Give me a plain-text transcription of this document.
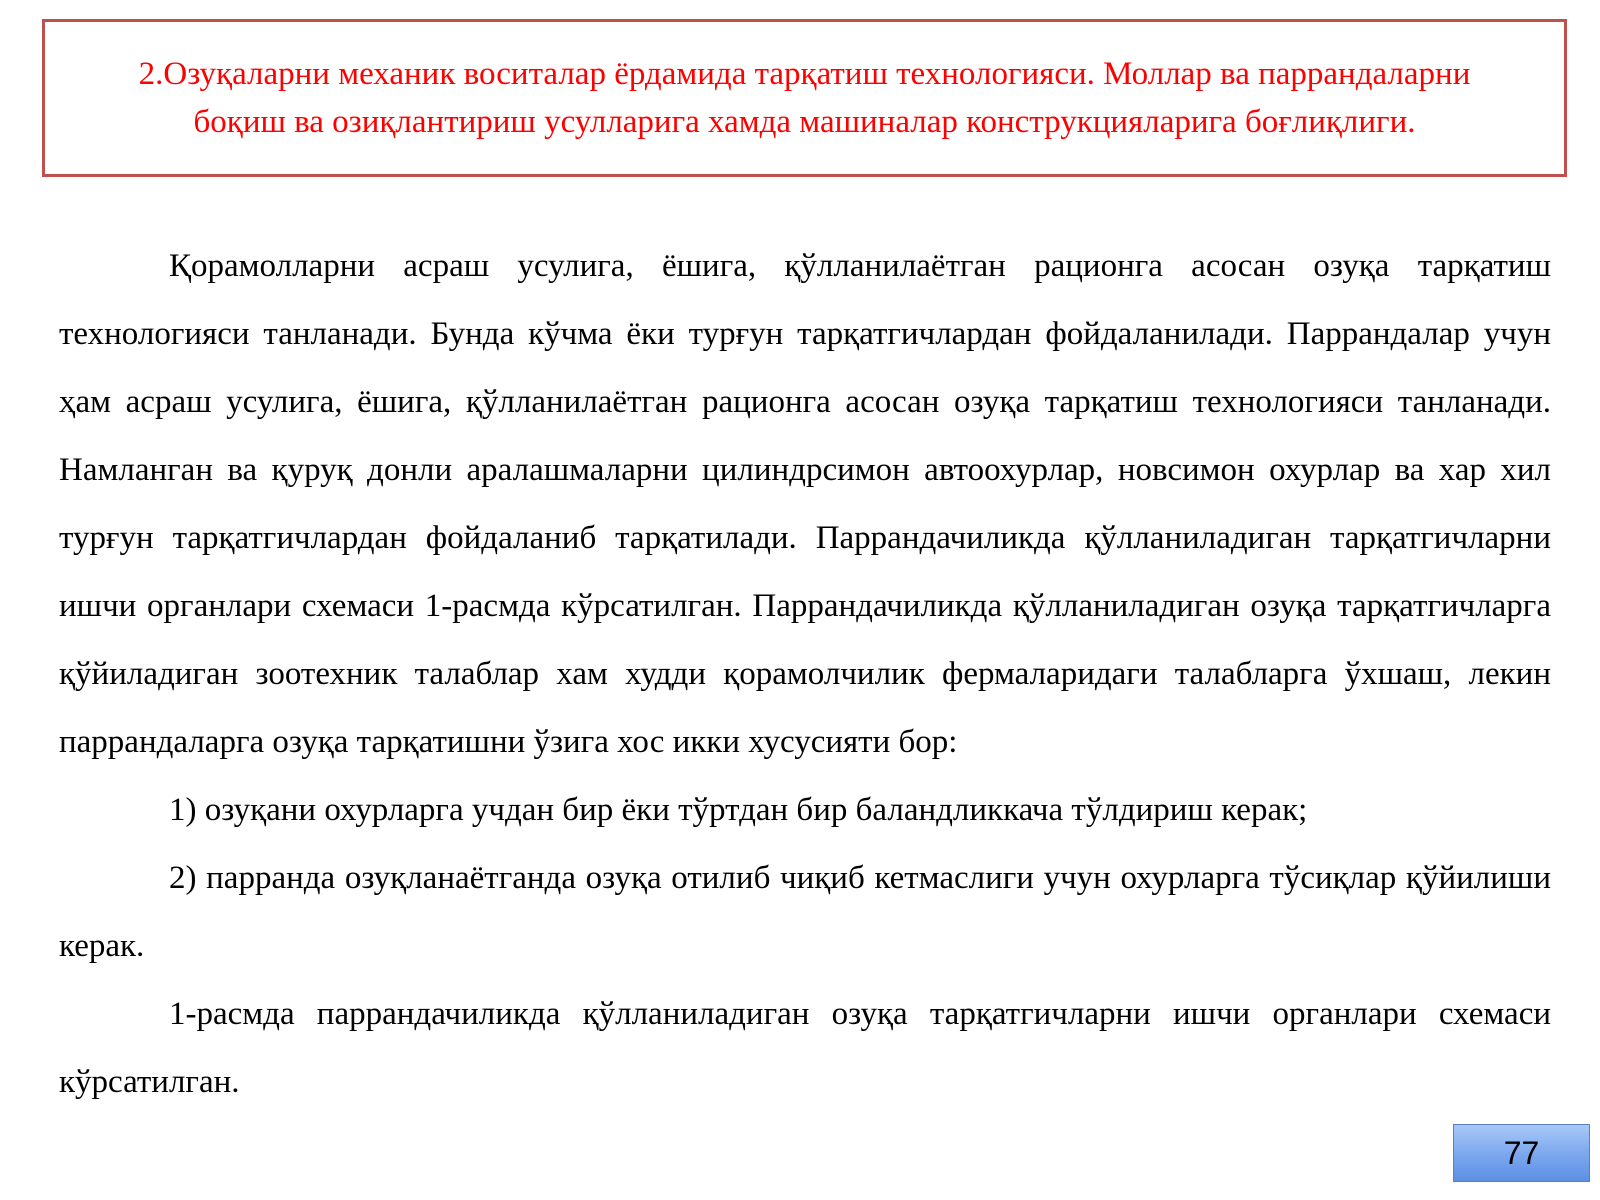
2.Озуқаларни механик воситалар ёрдамида тарқатиш технологияси. Моллар ва паррандаларни боқиш ва озиқлантириш усулларига хамда машиналар конструкцияларига боғлиқлиги.

Қорамолларни асраш усулига, ёшига, қўлланилаётган рационга асосан озуқа тарқатиш технологияси танланади. Бунда кўчма ёки турғун тарқатгичлардан фойдаланилади. Паррандалар учун ҳам асраш усулига, ёшига, қўлланилаётган рационга асосан озуқа тарқатиш технологияси танланади. Намланган ва қуруқ донли аралашмаларни цилиндрсимон автоохурлар, новсимон охурлар ва хар хил турғун тарқатгичлардан фойдаланиб тарқатилади. Паррандачиликда қўлланиладиган тарқатгичларни ишчи органлари схемаси 1-расмда кўрсатилган. Паррандачиликда қўлланиладиган озуқа тарқатгичларга қўйиладиган зоотехник талаблар хам худди қорамолчилик фермаларидаги талабларга ўхшаш, лекин паррандаларга озуқа тарқатишни ўзига хос икки хусусияти бор:

1) озуқани охурларга учдан бир ёки тўртдан бир баландликкача тўлдириш керак;

2) парранда озуқланаётганда озуқа отилиб чиқиб кетмаслиги учун охурларга тўсиқлар қўйилиши керак.

1-расмда паррандачиликда қўлланиладиган озуқа тарқатгичларни ишчи органлари схемаси кўрсатилган.

77
